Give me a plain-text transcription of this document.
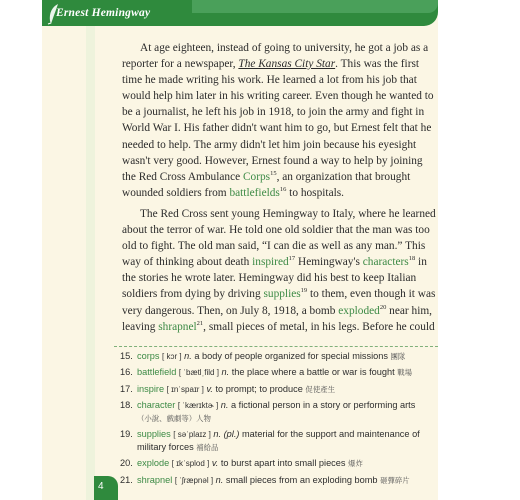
Ernest Hemingway

At age eighteen, instead of going to university, he got a job as a reporter for a newspaper, The Kansas City Star. This was the first time he made writing his work. He learned a lot from his job that would help him later in his writing career. Even though he wanted to be a journalist, he left his job in 1918, to join the army and fight in World War I. His father didn't want him to go, but Ernest felt that he needed to help. The army didn't let him join because his eyesight wasn't very good. However, Ernest found a way to help by joining the Red Cross Ambulance Corps$^{15}$, an organization that brought wounded soldiers from battlefields$^{16}$ to hospitals.

The Red Cross sent young Hemingway to Italy, where he learned about the terror of war. He told one old soldier that the man was too old to fight. The old man said, “I can die as well as any man.” This way of thinking about death inspired$^{17}$ Hemingway's characters$^{18}$ in the stories he wrote later. Hemingway did his best to keep Italian soldiers from dying by driving supplies$^{19}$ to them, even though it was very dangerous. Then, on July 8, 1918, a bomb exploded$^{20}$ near him, leaving shrapnel$^{21}$, small pieces of metal, in his legs. Before he could

15. corps [ kɔr ] n. a body of people organized for special missions 團隊
16. battlefield [ ˈbætlˌfild ] n. the place where a battle or war is fought 戰場
17. inspire [ ɪnˈspaɪr ] v. to prompt; to produce 促使產生
18. character [ ˈkærɪktɚ ] n. a fictional person in a story or performing arts
（小說、戲劇等）人物
19. supplies [ səˈplaɪz ] n. (pl.) material for the support and maintenance of military forces 補給品
20. explode [ ɪkˈsplod ] v. to burst apart into small pieces 爆炸
21. shrapnel [ ˈʃræpnəl ] n. small pieces from an exploding bomb 砸彈碎片
4
